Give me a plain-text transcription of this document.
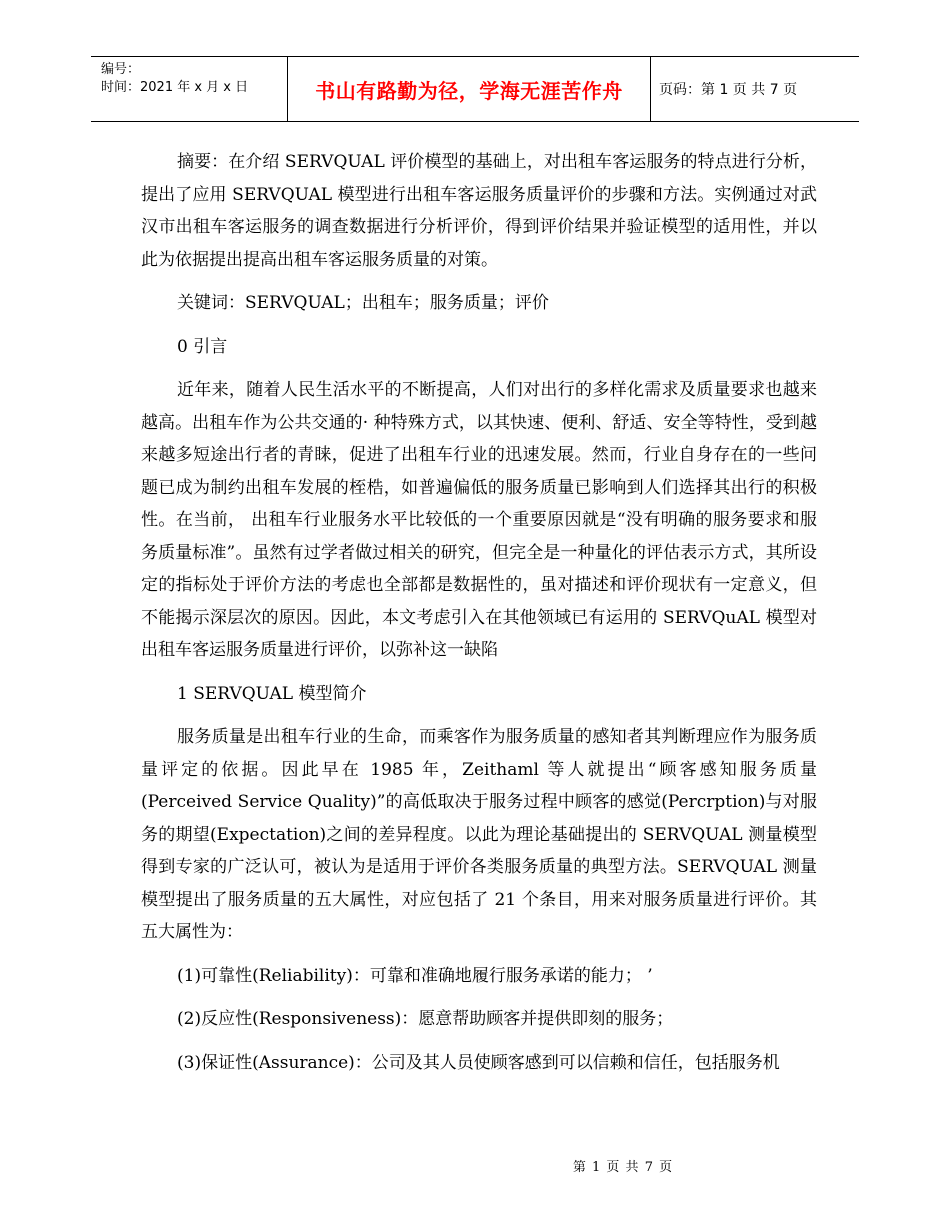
编号：
时间：2021 年 x 月 x 日	书山有路勤为径，学海无涯苦作舟	页码：第 1 页 共 7 页

摘要：在介绍 SERVQUAL 评价模型的基础上，对出租车客运服务的特点进行分析，提出了应用 SERVQUAL 模型进行出租车客运服务质量评价的步骤和方法。实例通过对武汉市出租车客运服务的调查数据进行分析评价，得到评价结果并验证模型的适用性，并以此为依据提出提高出租车客运服务质量的对策。

关键词：SERVQUAL；出租车；服务质量；评价

0 引言

近年来，随着人民生活水平的不断提高，人们对出行的多样化需求及质量要求也越来越高。出租车作为公共交通的· 种特殊方式，以其快速、便利、舒适、安全等特性，受到越来越多短途出行者的青睐，促进了出租车行业的迅速发展。然而，行业自身存在的一些问题已成为制约出租车发展的桎梏，如普遍偏低的服务质量已影响到人们选择其出行的积极性。在当前， 出租车行业服务水平比较低的一个重要原因就是“没有明确的服务要求和服务质量标准”。虽然有过学者做过相关的研究，但完全是一种量化的评估表示方式，其所设定的指标处于评价方法的考虑也全部都是数据性的，虽对描述和评价现状有一定意义，但不能揭示深层次的原因。因此，本文考虑引入在其他领域已有运用的 SERVQuAL 模型对出租车客运服务质量进行评价，以弥补这一缺陷

1 SERVQUAL 模型简介

服务质量是出租车行业的生命，而乘客作为服务质量的感知者其判断理应作为服务质量评定的依据。因此早在 1985 年，Zeithaml 等人就提出“顾客感知服务质量(Perceived Service Quality)”的高低取决于服务过程中顾客的感觉(Percrption)与对服务的期望(Expectation)之间的差异程度。以此为理论基础提出的 SERVQUAL 测量模型得到专家的广泛认可，被认为是适用于评价各类服务质量的典型方法。SERVQUAL 测量模型提出了服务质量的五大属性，对应包括了 21 个条目，用来对服务质量进行评价。其五大属性为：

(1)可靠性(Reliability)：可靠和准确地履行服务承诺的能力； ’

(2)反应性(Responsiveness)：愿意帮助顾客并提供即刻的服务；

(3)保证性(Assurance)：公司及其人员使顾客感到可以信赖和信任，包括服务机

第 1 页 共 7 页
